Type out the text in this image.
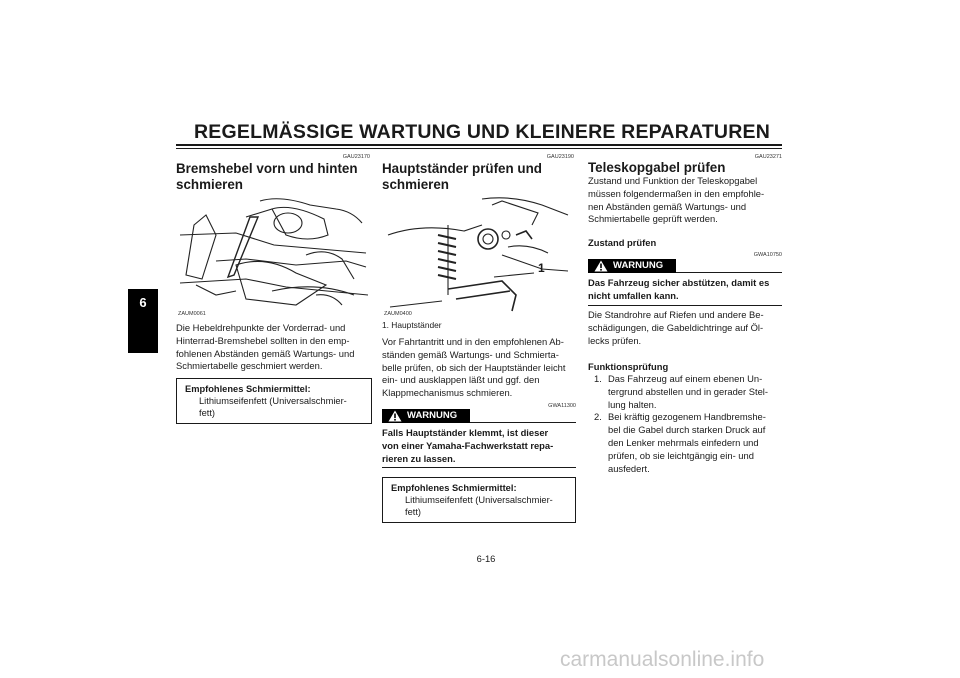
REGELMÄSSIGE WARTUNG UND KLEINERE REPARATUREN
6
GAU23170
Bremshebel vorn und hinten
schmieren
ZAUM0061
Die Hebeldrehpunkte der Vorderrad- und
Hinterrad-Bremshebel sollten in den emp-
fohlenen Abständen gemäß Wartungs- und
Schmiertabelle geschmiert werden.
Empfohlenes Schmiermittel:
Lithiumseifenfett (Universalschmier-
fett)
GAU23190
Hauptständer prüfen und
schmieren
ZAUM0400
1
1. Hauptständer
Vor Fahrtantritt und in den empfohlenen Ab-
ständen gemäß Wartungs- und Schmierta-
belle prüfen, ob sich der Hauptständer leicht
ein- und ausklappen läßt und ggf. den
Klappmechanismus schmieren.
WARNUNG
GWA11300
Falls Hauptständer klemmt, ist dieser
von einer Yamaha-Fachwerkstatt repa-
rieren zu lassen.
Empfohlenes Schmiermittel:
Lithiumseifenfett (Universalschmier-
fett)
GAU23271
Teleskopgabel prüfen
Zustand und Funktion der Teleskopgabel
müssen folgendermaßen in den empfohle-
nen Abständen gemäß Wartungs- und
Schmiertabelle geprüft werden.
Zustand prüfen
GWA10750
WARNUNG
Das Fahrzeug sicher abstützen, damit es
nicht umfallen kann.
Die Standrohre auf Riefen und andere Be-
schädigungen, die Gabeldichtringe auf Öl-
lecks prüfen.
Funktionsprüfung
1. Das Fahrzeug auf einem ebenen Un-
tergrund abstellen und in gerader Stel-
lung halten.
2. Bei kräftig gezogenem Handbremshe-
bel die Gabel durch starken Druck auf
den Lenker mehrmals einfedern und
prüfen, ob sie leichtgängig ein- und
ausfedert.
6-16
carmanualsonline.info
